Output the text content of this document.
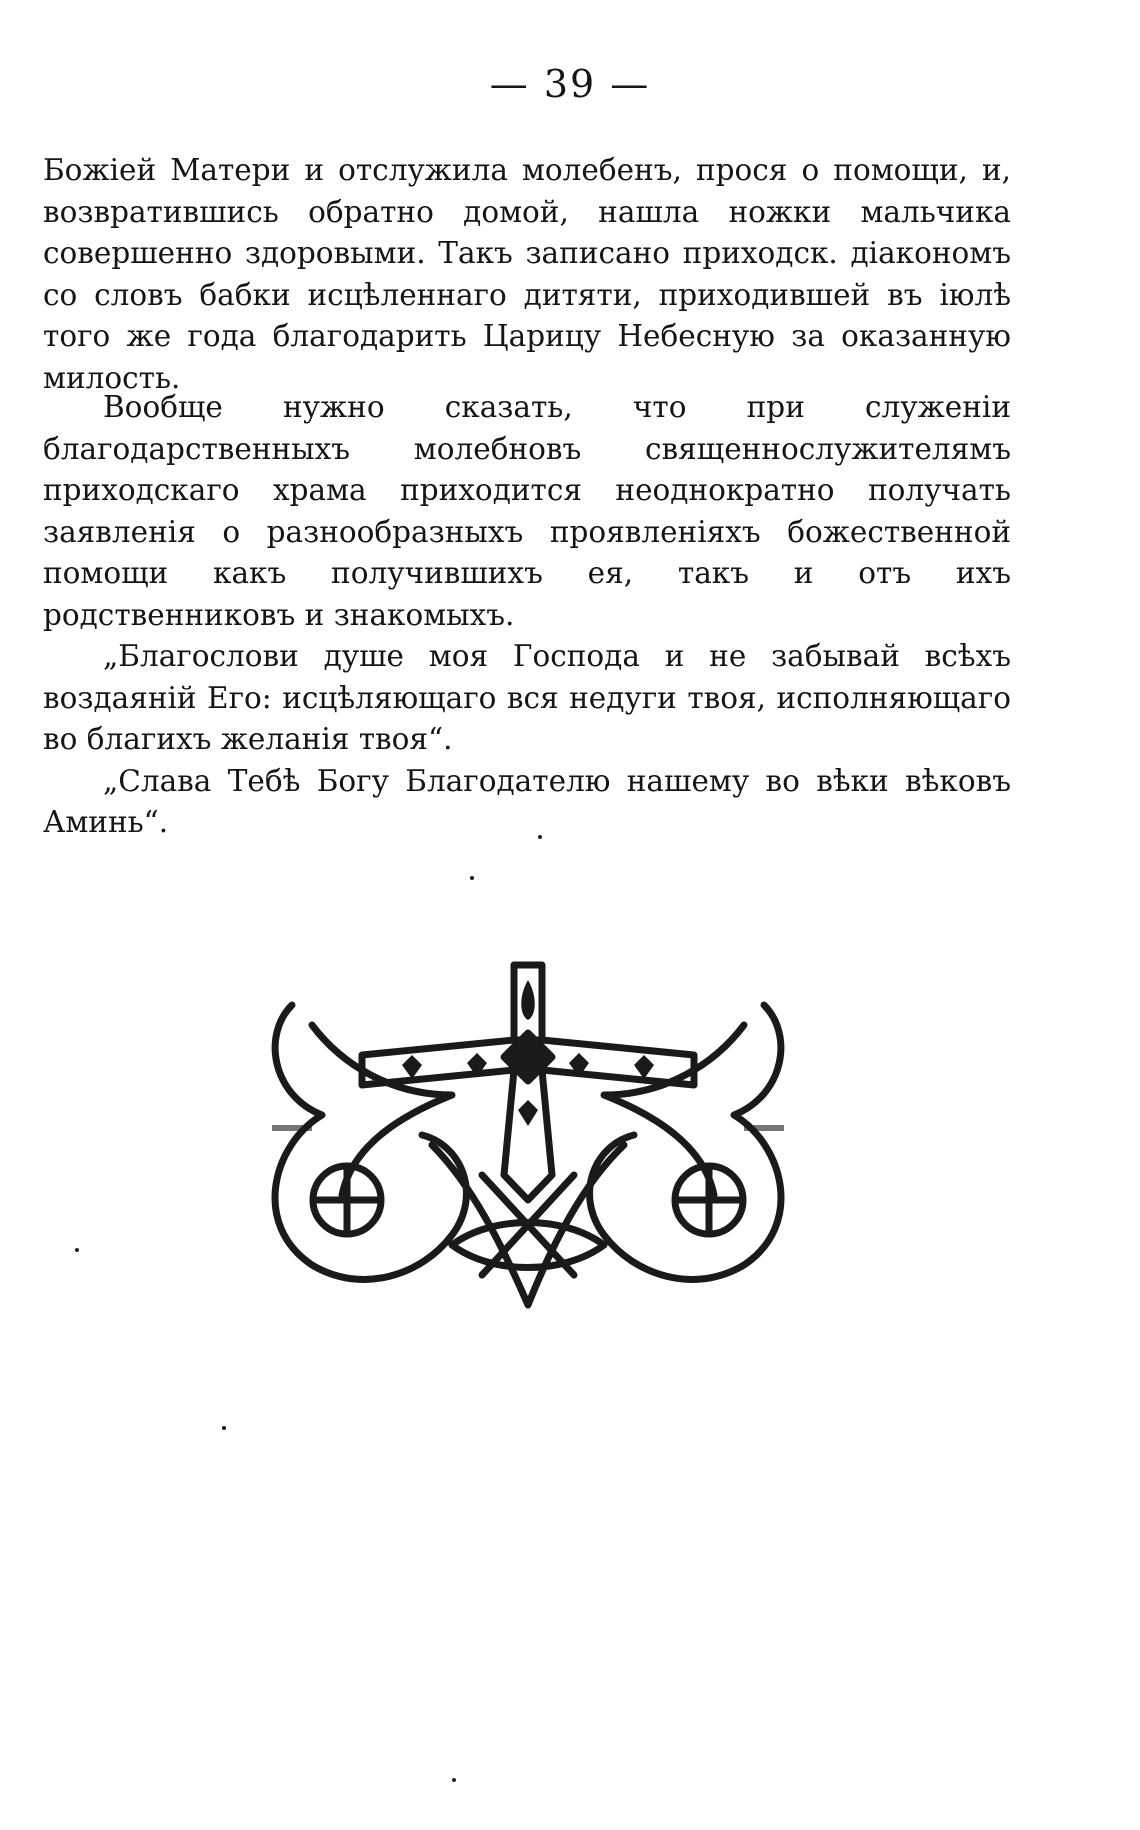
— 39 —

Божіей Матери и отслужила молебенъ, прося о помощи, и, возвратившись обратно домой, нашла ножки мальчика совершенно здоровыми. Такъ записано приходск. діакономъ со словъ бабки исцѣленнаго дитяти, приходившей въ іюлѣ того же года благодарить Царицу Небесную за оказанную милость.

Вообще нужно сказать, что при служеніи благодарственныхъ молебновъ священнослужителямъ приходскаго храма приходится неоднократно получать заявленія о разнообразныхъ проявленіяхъ божественной помощи какъ получившихъ ея, такъ и отъ ихъ родственниковъ и знакомыхъ.

„Благослови душе моя Господа и не забывай всѣхъ воздаяній Его: исцѣляющаго вся недуги твоя, исполняющаго во благихъ желанія твоя“.

„Слава Тебѣ Богу Благодателю нашему во вѣки вѣковъ Аминь“.
